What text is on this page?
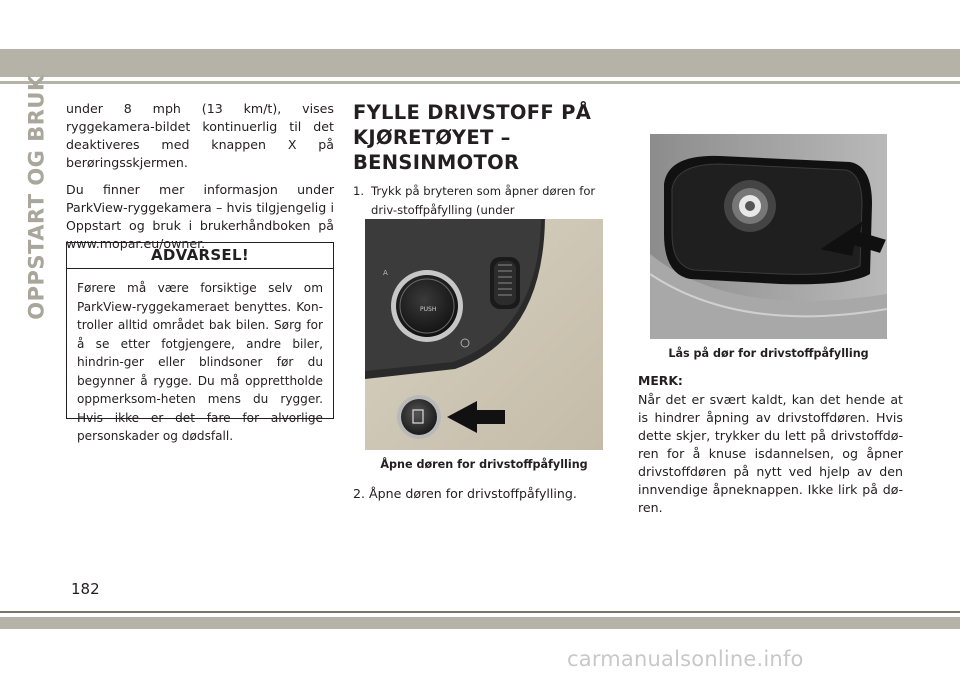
OPPSTART OG BRUK under 8 mph (13 km/t), vises ryggekamera-bildet kontinuerlig til det deaktiveres med knappen X på berøringsskjermen.

Du finner mer informasjon under ParkView-ryggekamera – hvis tilgjengelig i Oppstart og bruk i brukerhåndboken på www.mopar.eu/owner.

ADVARSEL!
Førere må være forsiktige selv om ParkView-ryggekameraet benyttes. Kon-troller alltid området bak bilen. Sørg for å se etter fotgjengere, andre biler, hindrin-ger eller blindsoner før du begynner å rygge. Du må opprettholde oppmerksom-heten mens du rygger. Hvis ikke er det fare for alvorlige personskader og dødsfall.
FYLLE DRIVSTOFF PÅ
KJØRETØYET –
BENSINMOTOR
1. Trykk på bryteren som åpner døren for driv-stoffpåfylling (under
PUSH
A
Åpne døren for drivstoffpåfylling
2. Åpne døren for drivstoffpåfylling.
Lås på dør for drivstoffpåfylling
MERK:
Når det er svært kaldt, kan det hende at is hindrer åpning av drivstoffdøren. Hvis dette skjer, trykker du lett på drivstoffdø-ren for å knuse isdannelsen, og åpner drivstoffdøren på nytt ved hjelp av den innvendige åpneknappen. Ikke lirk på dø-ren.
182
carmanualsonline.info
